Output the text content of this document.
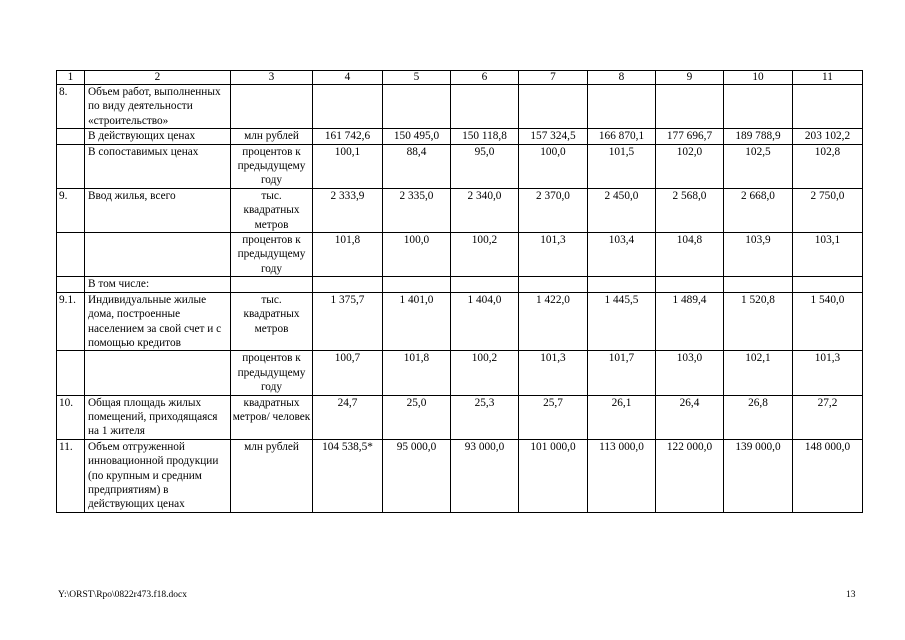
1	2	3	4	5	6	7	8	9	10	11
8.	Объем работ, выполненных по виду деятельности «строительство»									
	В действующих ценах	млн рублей	161 742,6	150 495,0	150 118,8	157 324,5	166 870,1	177 696,7	189 788,9	203 102,2
	В сопоставимых ценах	процентов к предыдущему году	100,1	88,4	95,0	100,0	101,5	102,0	102,5	102,8
9.	Ввод жилья, всего	тыс. квадратных метров	2 333,9	2 335,0	2 340,0	2 370,0	2 450,0	2 568,0	2 668,0	2 750,0
		процентов к предыдущему году	101,8	100,0	100,2	101,3	103,4	104,8	103,9	103,1
	В том числе:									
9.1.	Индивидуальные жилые дома, построенные населением за свой счет и с помощью кредитов	тыс. квадратных метров	1 375,7	1 401,0	1 404,0	1 422,0	1 445,5	1 489,4	1 520,8	1 540,0
		процентов к предыдущему году	100,7	101,8	100,2	101,3	101,7	103,0	102,1	101,3
10.	Общая площадь жилых помещений, приходящаяся на 1 жителя	квадратных метров/ человек	24,7	25,0	25,3	25,7	26,1	26,4	26,8	27,2
11.	Объем отгруженной инновационной продукции (по крупным и средним предприятиям) в действующих ценах	млн рублей	104 538,5*	95 000,0	93 000,0	101 000,0	113 000,0	122 000,0	139 000,0	148 000,0
Y:\ORST\Rpo\0822r473.f18.docx	13
